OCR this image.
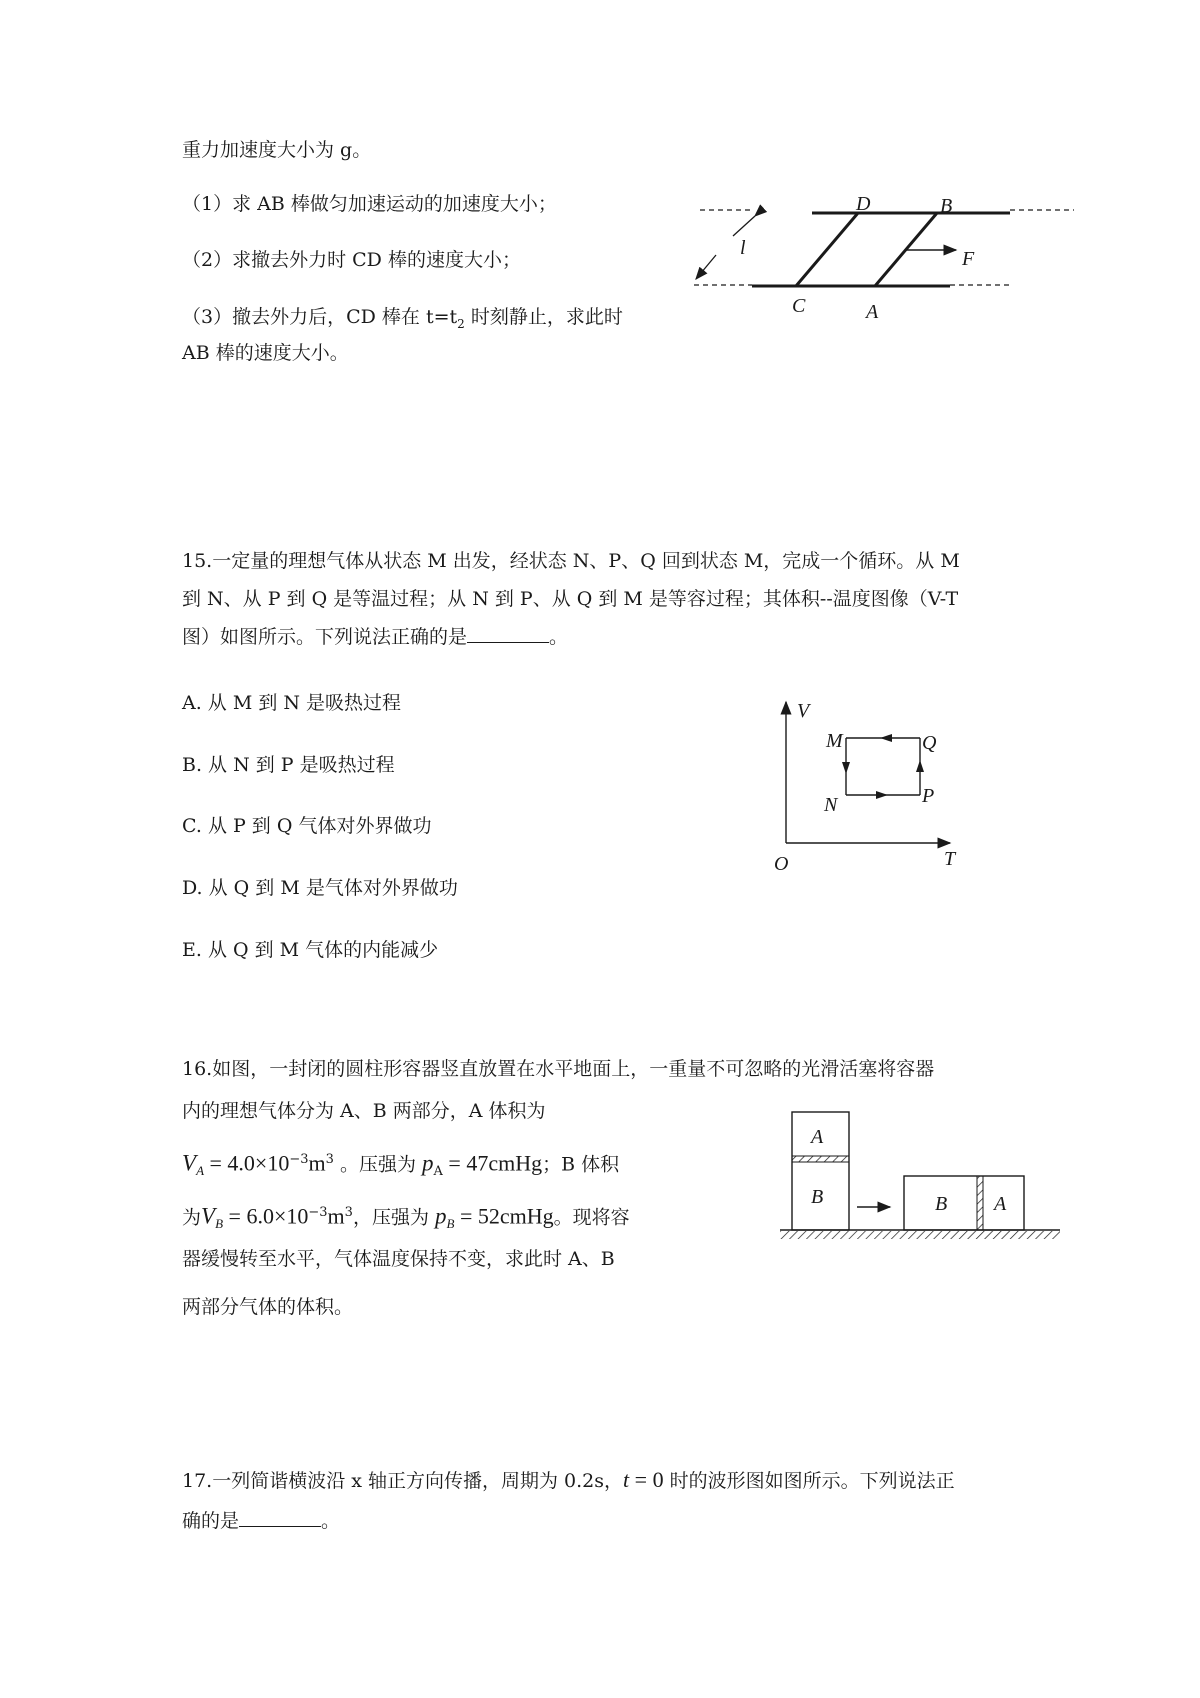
重力加速度大小为 g。
（1）求 AB 棒做匀加速运动的加速度大小；
（2）求撤去外力时 CD 棒的速度大小；
（3）撤去外力后，CD 棒在 $t=t_2$ 时刻静止，求此时
AB 棒的速度大小。
D	B
C	A
l	F
15.一定量的理想气体从状态 M 出发，经状态 N、P、Q 回到状态 M，完成一个循环。从 M
到 N、从 P 到 Q 是等温过程；从 N 到 P、从 Q 到 M 是等容过程；其体积--温度图像（V-T
图）如图所示。下列说法正确的是	。
A. 从 M 到 N 是吸热过程
B. 从 N 到 P 是吸热过程
C. 从 P 到 Q 气体对外界做功
D. 从 Q 到 M 是气体对外界做功
E. 从 Q 到 M 气体的内能减少
V
T
O
M	Q
N	P
16.如图，一封闭的圆柱形容器竖直放置在水平地面上，一重量不可忽略的光滑活塞将容器
内的理想气体分为 A、B 两部分，A 体积为
$V_A = 4.0\times 10^{-3}m^3$ 。压强为 $p_A$ = 47cmHg；B 体积
为$V_B = 6.0\times 10^{-3}m^3$，压强为 $p_B$ = 52cmHg。现将容
器缓慢转至水平，气体温度保持不变，求此时 A、B
两部分气体的体积。
A
B	B A
17.一列简谐横波沿 x 轴正方向传播，周期为 0.2s，t = 0 时的波形图如图所示。下列说法正
确的是	。
